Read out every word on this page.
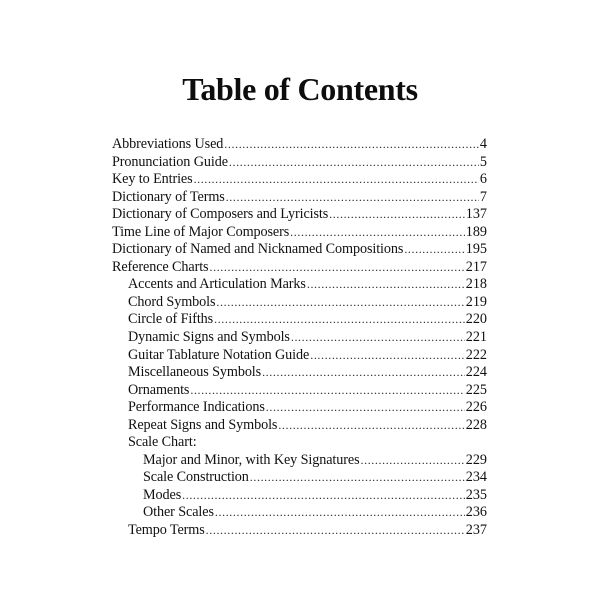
Table of Contents
Abbreviations Used .....	4
Pronunciation Guide .....	5
Key to Entries .....	6
Dictionary of Terms .....	7
Dictionary of Composers and Lyricists .....	137
Time Line of Major Composers .....	189
Dictionary of Named and Nicknamed Compositions .....	195
Reference Charts .....	217
Accents and Articulation Marks .....	218
Chord Symbols .....	219
Circle of Fifths .....	220
Dynamic Signs and Symbols .....	221
Guitar Tablature Notation Guide .....	222
Miscellaneous Symbols .....	224
Ornaments .....	225
Performance Indications .....	226
Repeat Signs and Symbols .....	228
Scale Chart:
Major and Minor, with Key Signatures .....	229
Scale Construction .....	234
Modes .....	235
Other Scales .....	236
Tempo Terms .....	237
